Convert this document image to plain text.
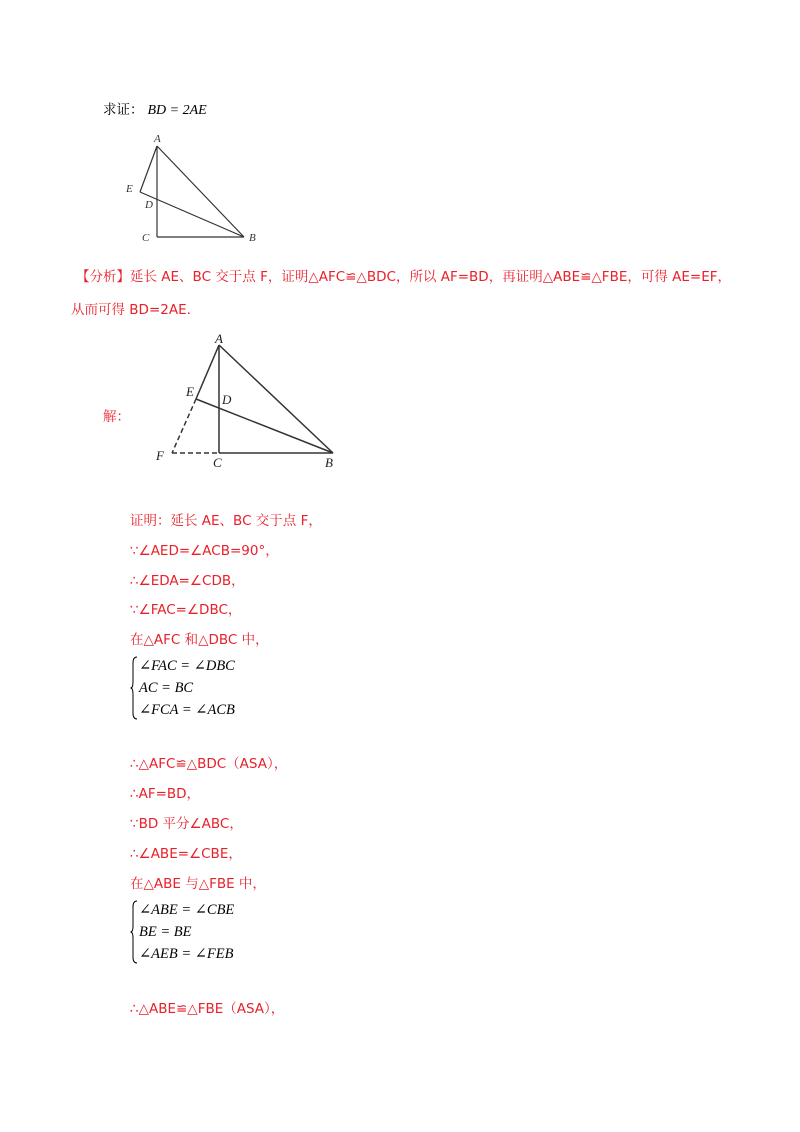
求证： BD = 2AE
A
E
D
C	B
【分析】延长 AE、BC 交于点 F，证明△AFC≌△BDC，所以 AF=BD，再证明△ABE≌△FBE，可得 AE=EF，
从而可得 BD=2AE.
解：
A
E
D
F	C	B
证明：延长 AE、BC 交于点 F，
∵∠AED=∠ACB=90°，
∴∠EDA=∠CDB，
∵∠FAC=∠DBC，
在△AFC 和△DBC 中，
∠FAC = ∠DBC
AC = BC
∠FCA = ∠ACB
∴△AFC≌△BDC（ASA），
∴AF=BD，
∵BD 平分∠ABC，
∴∠ABE=∠CBE，
在△ABE 与△FBE 中，
∠ABE = ∠CBE
BE = BE
∠AEB = ∠FEB
∴△ABE≌△FBE（ASA），
